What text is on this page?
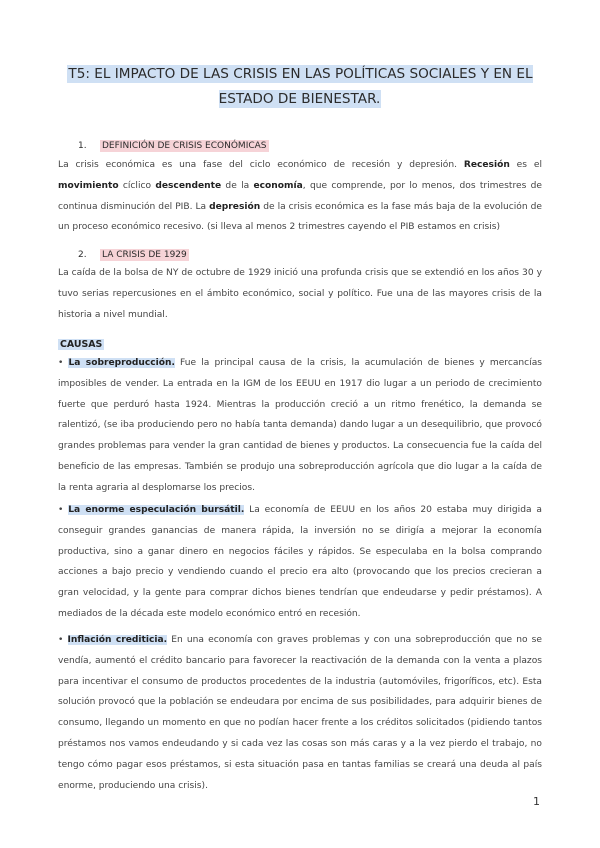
T5: EL IMPACTO DE LAS CRISIS EN LAS POLÍTICAS SOCIALES Y EN EL ESTADO DE BIENESTAR.
1. DEFINICIÓN DE CRISIS ECONÓMICAS
La crisis económica es una fase del ciclo económico de recesión y depresión. Recesión es el movimiento cíclico descendente de la economía, que comprende, por lo menos, dos trimestres de continua disminución del PIB. La depresión de la crisis económica es la fase más baja de la evolución de un proceso económico recesivo. (si lleva al menos 2 trimestres cayendo el PIB estamos en crisis)
2. LA CRISIS DE 1929
La caída de la bolsa de NY de octubre de 1929 inició una profunda crisis que se extendió en los años 30 y tuvo serias repercusiones en el ámbito económico, social y político. Fue una de las mayores crisis de la historia a nivel mundial.
CAUSAS
• La sobreproducción. Fue la principal causa de la crisis, la acumulación de bienes y mercancías imposibles de vender. La entrada en la IGM de los EEUU en 1917 dio lugar a un periodo de crecimiento fuerte que perduró hasta 1924. Mientras la producción creció a un ritmo frenético, la demanda se ralentizó, (se iba produciendo pero no había tanta demanda) dando lugar a un desequilibrio, que provocó grandes problemas para vender la gran cantidad de bienes y productos. La consecuencia fue la caída del beneficio de las empresas. También se produjo una sobreproducción agrícola que dio lugar a la caída de la renta agraria al desplomarse los precios.
• La enorme especulación bursátil. La economía de EEUU en los años 20 estaba muy dirigida a conseguir grandes ganancias de manera rápida, la inversión no se dirigía a mejorar la economía productiva, sino a ganar dinero en negocios fáciles y rápidos. Se especulaba en la bolsa comprando acciones a bajo precio y vendiendo cuando el precio era alto (provocando que los precios crecieran a gran velocidad, y la gente para comprar dichos bienes tendrían que endeudarse y pedir préstamos). A mediados de la década este modelo económico entró en recesión.
• Inflación crediticia. En una economía con graves problemas y con una sobreproducción que no se vendía, aumentó el crédito bancario para favorecer la reactivación de la demanda con la venta a plazos para incentivar el consumo de productos procedentes de la industria (automóviles, frigoríficos, etc). Esta solución provocó que la población se endeudara por encima de sus posibilidades, para adquirir bienes de consumo, llegando un momento en que no podían hacer frente a los créditos solicitados (pidiendo tantos préstamos nos vamos endeudando y si cada vez las cosas son más caras y a la vez pierdo el trabajo, no tengo cómo pagar esos préstamos, si esta situación pasa en tantas familias se creará una deuda al país enorme, produciendo una crisis).
1
